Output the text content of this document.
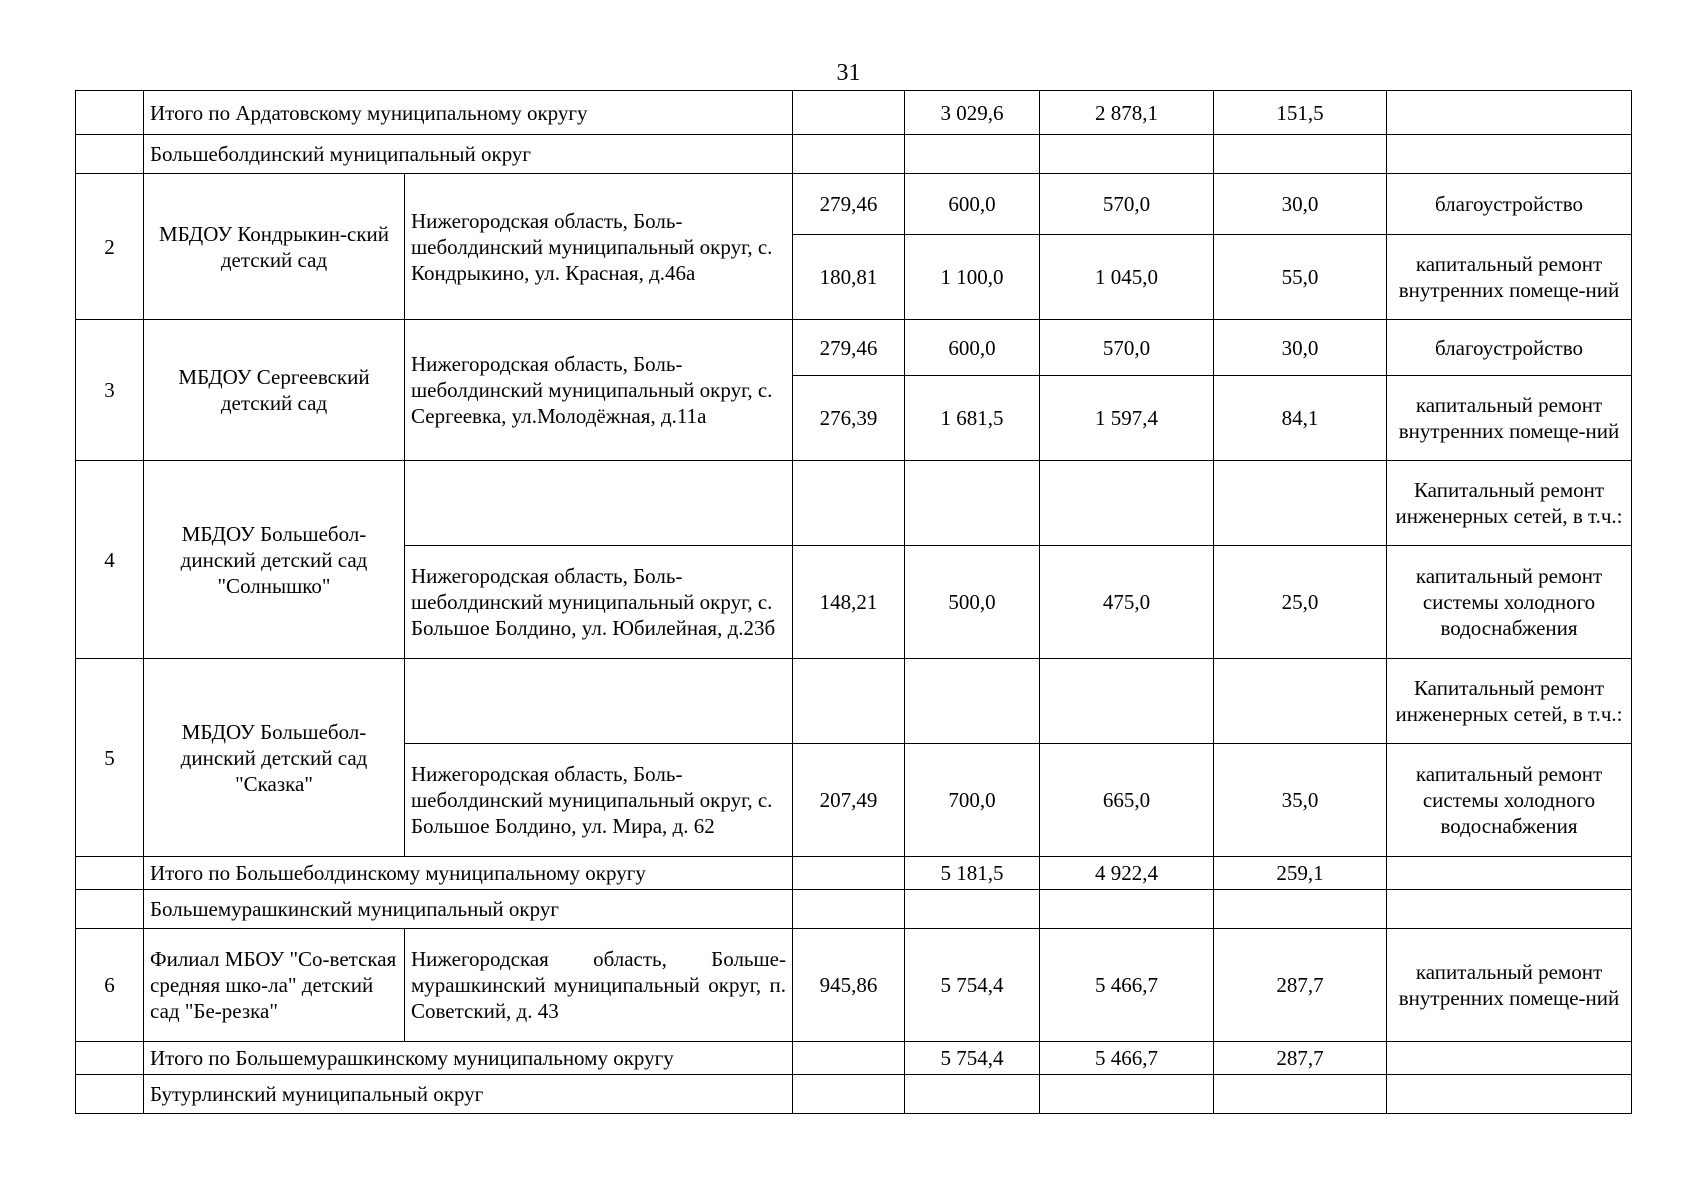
31
	Итого по Ардатовскому муниципальному округу			3 029,6	2 878,1	151,5	
	Большеболдинский муниципальный округ						
2	МБДОУ Кондрыкин-ский детский сад	Нижегородская область, Боль-шеболдинский муниципальный округ, с. Кондрыкино, ул. Красная, д.46а	279,46	600,0	570,0	30,0	благоустройство
			180,81	1 100,0	1 045,0	55,0	капитальный ремонт внутренних помеще-ний
3	МБДОУ Сергеевский детский сад	Нижегородская область, Боль-шеболдинский муниципальный округ, с. Сергеевка, ул.Молодёжная, д.11а	279,46	600,0	570,0	30,0	благоустройство
			276,39	1 681,5	1 597,4	84,1	капитальный ремонт внутренних помеще-ний
4	МБДОУ Большебол-динский детский сад "Солнышко"						Капитальный ремонт инженерных сетей, в т.ч.:
		Нижегородская область, Боль-шеболдинский муниципальный округ, с. Большое Болдино, ул. Юбилейная, д.23б	148,21	500,0	475,0	25,0	капитальный ремонт системы холодного водоснабжения
5	МБДОУ Большебол-динский детский сад "Сказка"						Капитальный ремонт инженерных сетей, в т.ч.:
		Нижегородская область, Боль-шеболдинский муниципальный округ, с. Большое Болдино, ул. Мира, д. 62	207,49	700,0	665,0	35,0	капитальный ремонт системы холодного водоснабжения
	Итого по Большеболдинскому муниципальному округу			5 181,5	4 922,4	259,1	
	Большемурашкинский муниципальный округ						
6	Филиал МБОУ "Со-ветская средняя шко-ла" детский сад "Бе-резка"	Нижегородская область, Больше-мурашкинский муниципальный округ, п. Советский, д. 43	945,86	5 754,4	5 466,7	287,7	капитальный ремонт внутренних помеще-ний
	Итого по Большемурашкинскому муниципальному округу			5 754,4	5 466,7	287,7	
	Бутурлинский муниципальный округ						
